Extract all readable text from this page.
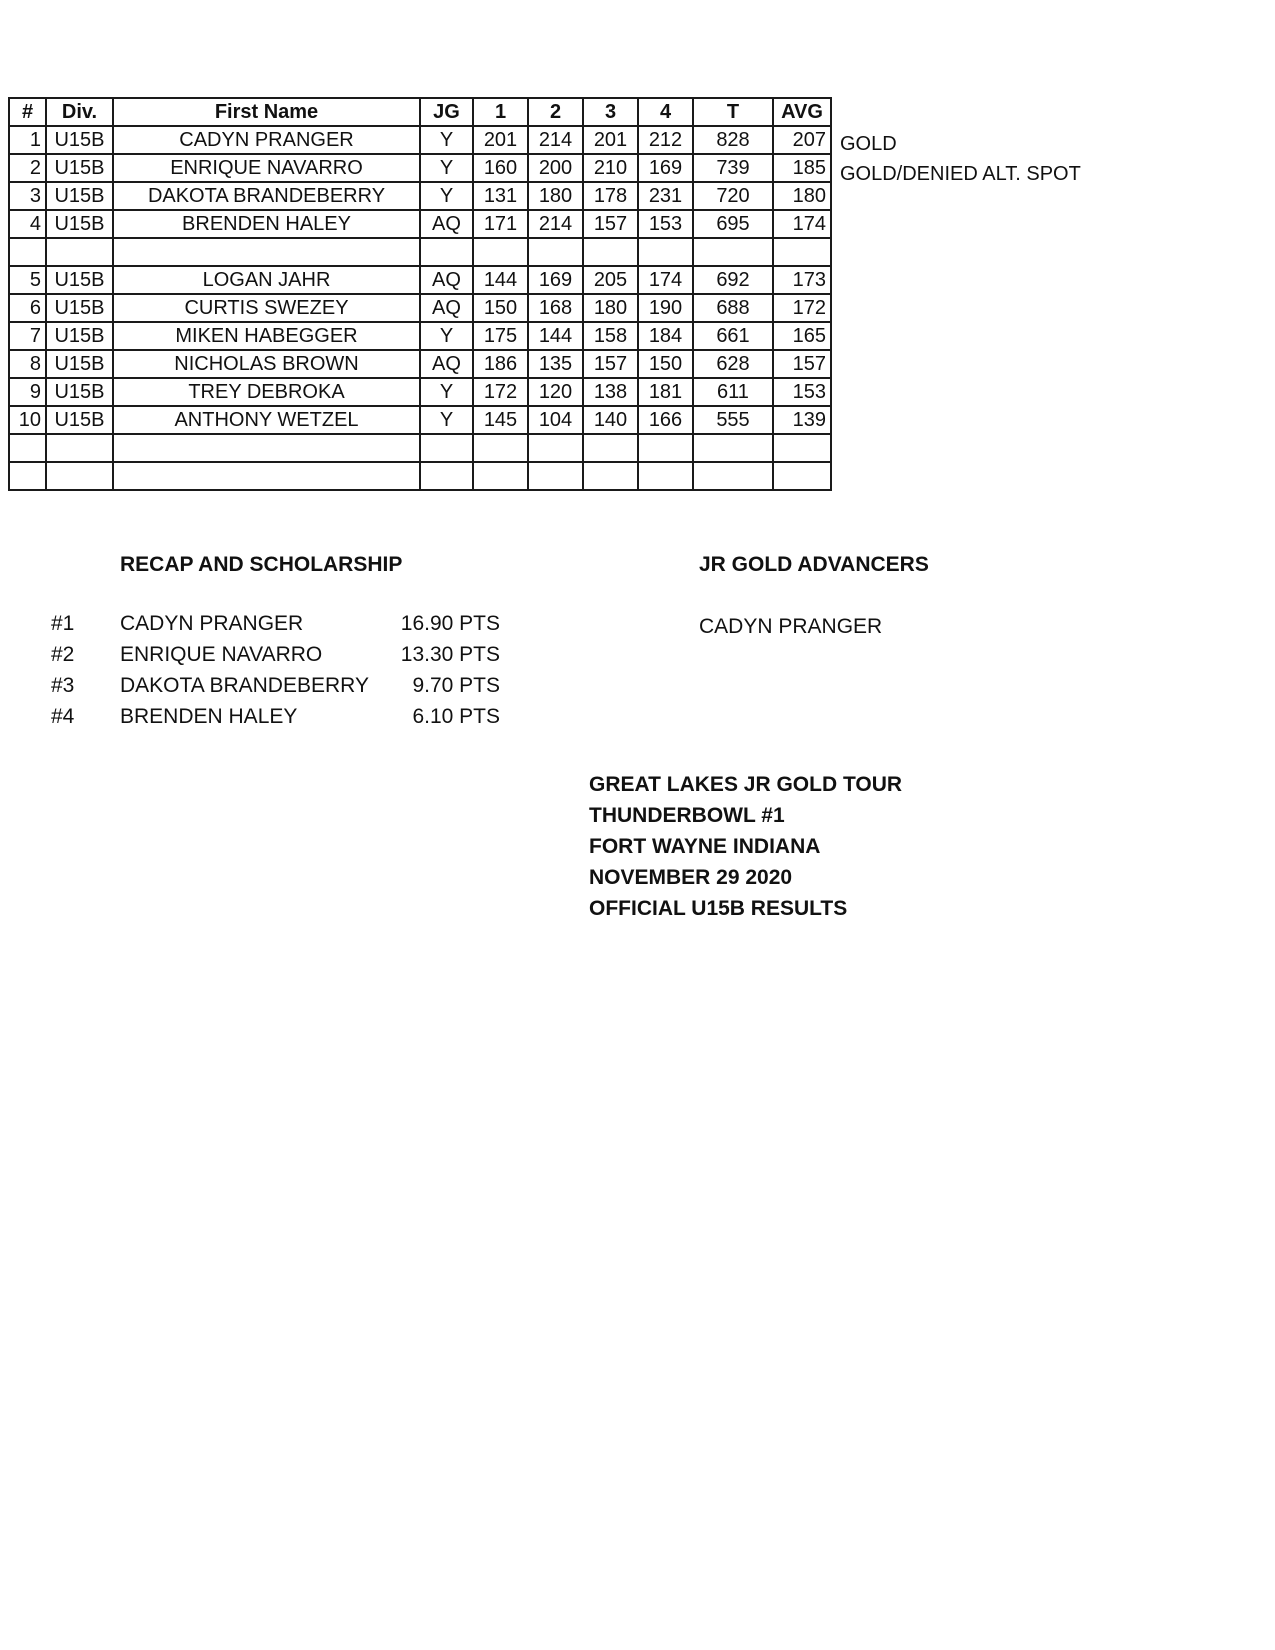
#	Div.	First Name	JG	1	2	3	4	T	AVG
1	U15B	CADYN PRANGER	Y	201	214	201	212	828	207
2	U15B	ENRIQUE NAVARRO	Y	160	200	210	169	739	185
3	U15B	DAKOTA BRANDEBERRY	Y	131	180	178	231	720	180
4	U15B	BRENDEN HALEY	AQ	171	214	157	153	695	174

5	U15B	LOGAN JAHR	AQ	144	169	205	174	692	173
6	U15B	CURTIS SWEZEY	AQ	150	168	180	190	688	172
7	U15B	MIKEN HABEGGER	Y	175	144	158	184	661	165
8	U15B	NICHOLAS BROWN	AQ	186	135	157	150	628	157
9	U15B	TREY DEBROKA	Y	172	120	138	181	611	153
10	U15B	ANTHONY WETZEL	Y	145	104	140	166	555	139

GOLD
GOLD/DENIED ALT. SPOT
RECAP AND SCHOLARSHIP	JR GOLD ADVANCERS
#1 CADYN PRANGER	16.90 PTS
#2 ENRIQUE NAVARRO	13.30 PTS
#3 DAKOTA BRANDEBERRY 9.70 PTS
#4 BRENDEN HALEY	6.10 PTS
CADYN PRANGER
GREAT LAKES JR GOLD TOUR
THUNDERBOWL #1
FORT WAYNE INDIANA
NOVEMBER 29 2020
OFFICIAL U15B RESULTS
